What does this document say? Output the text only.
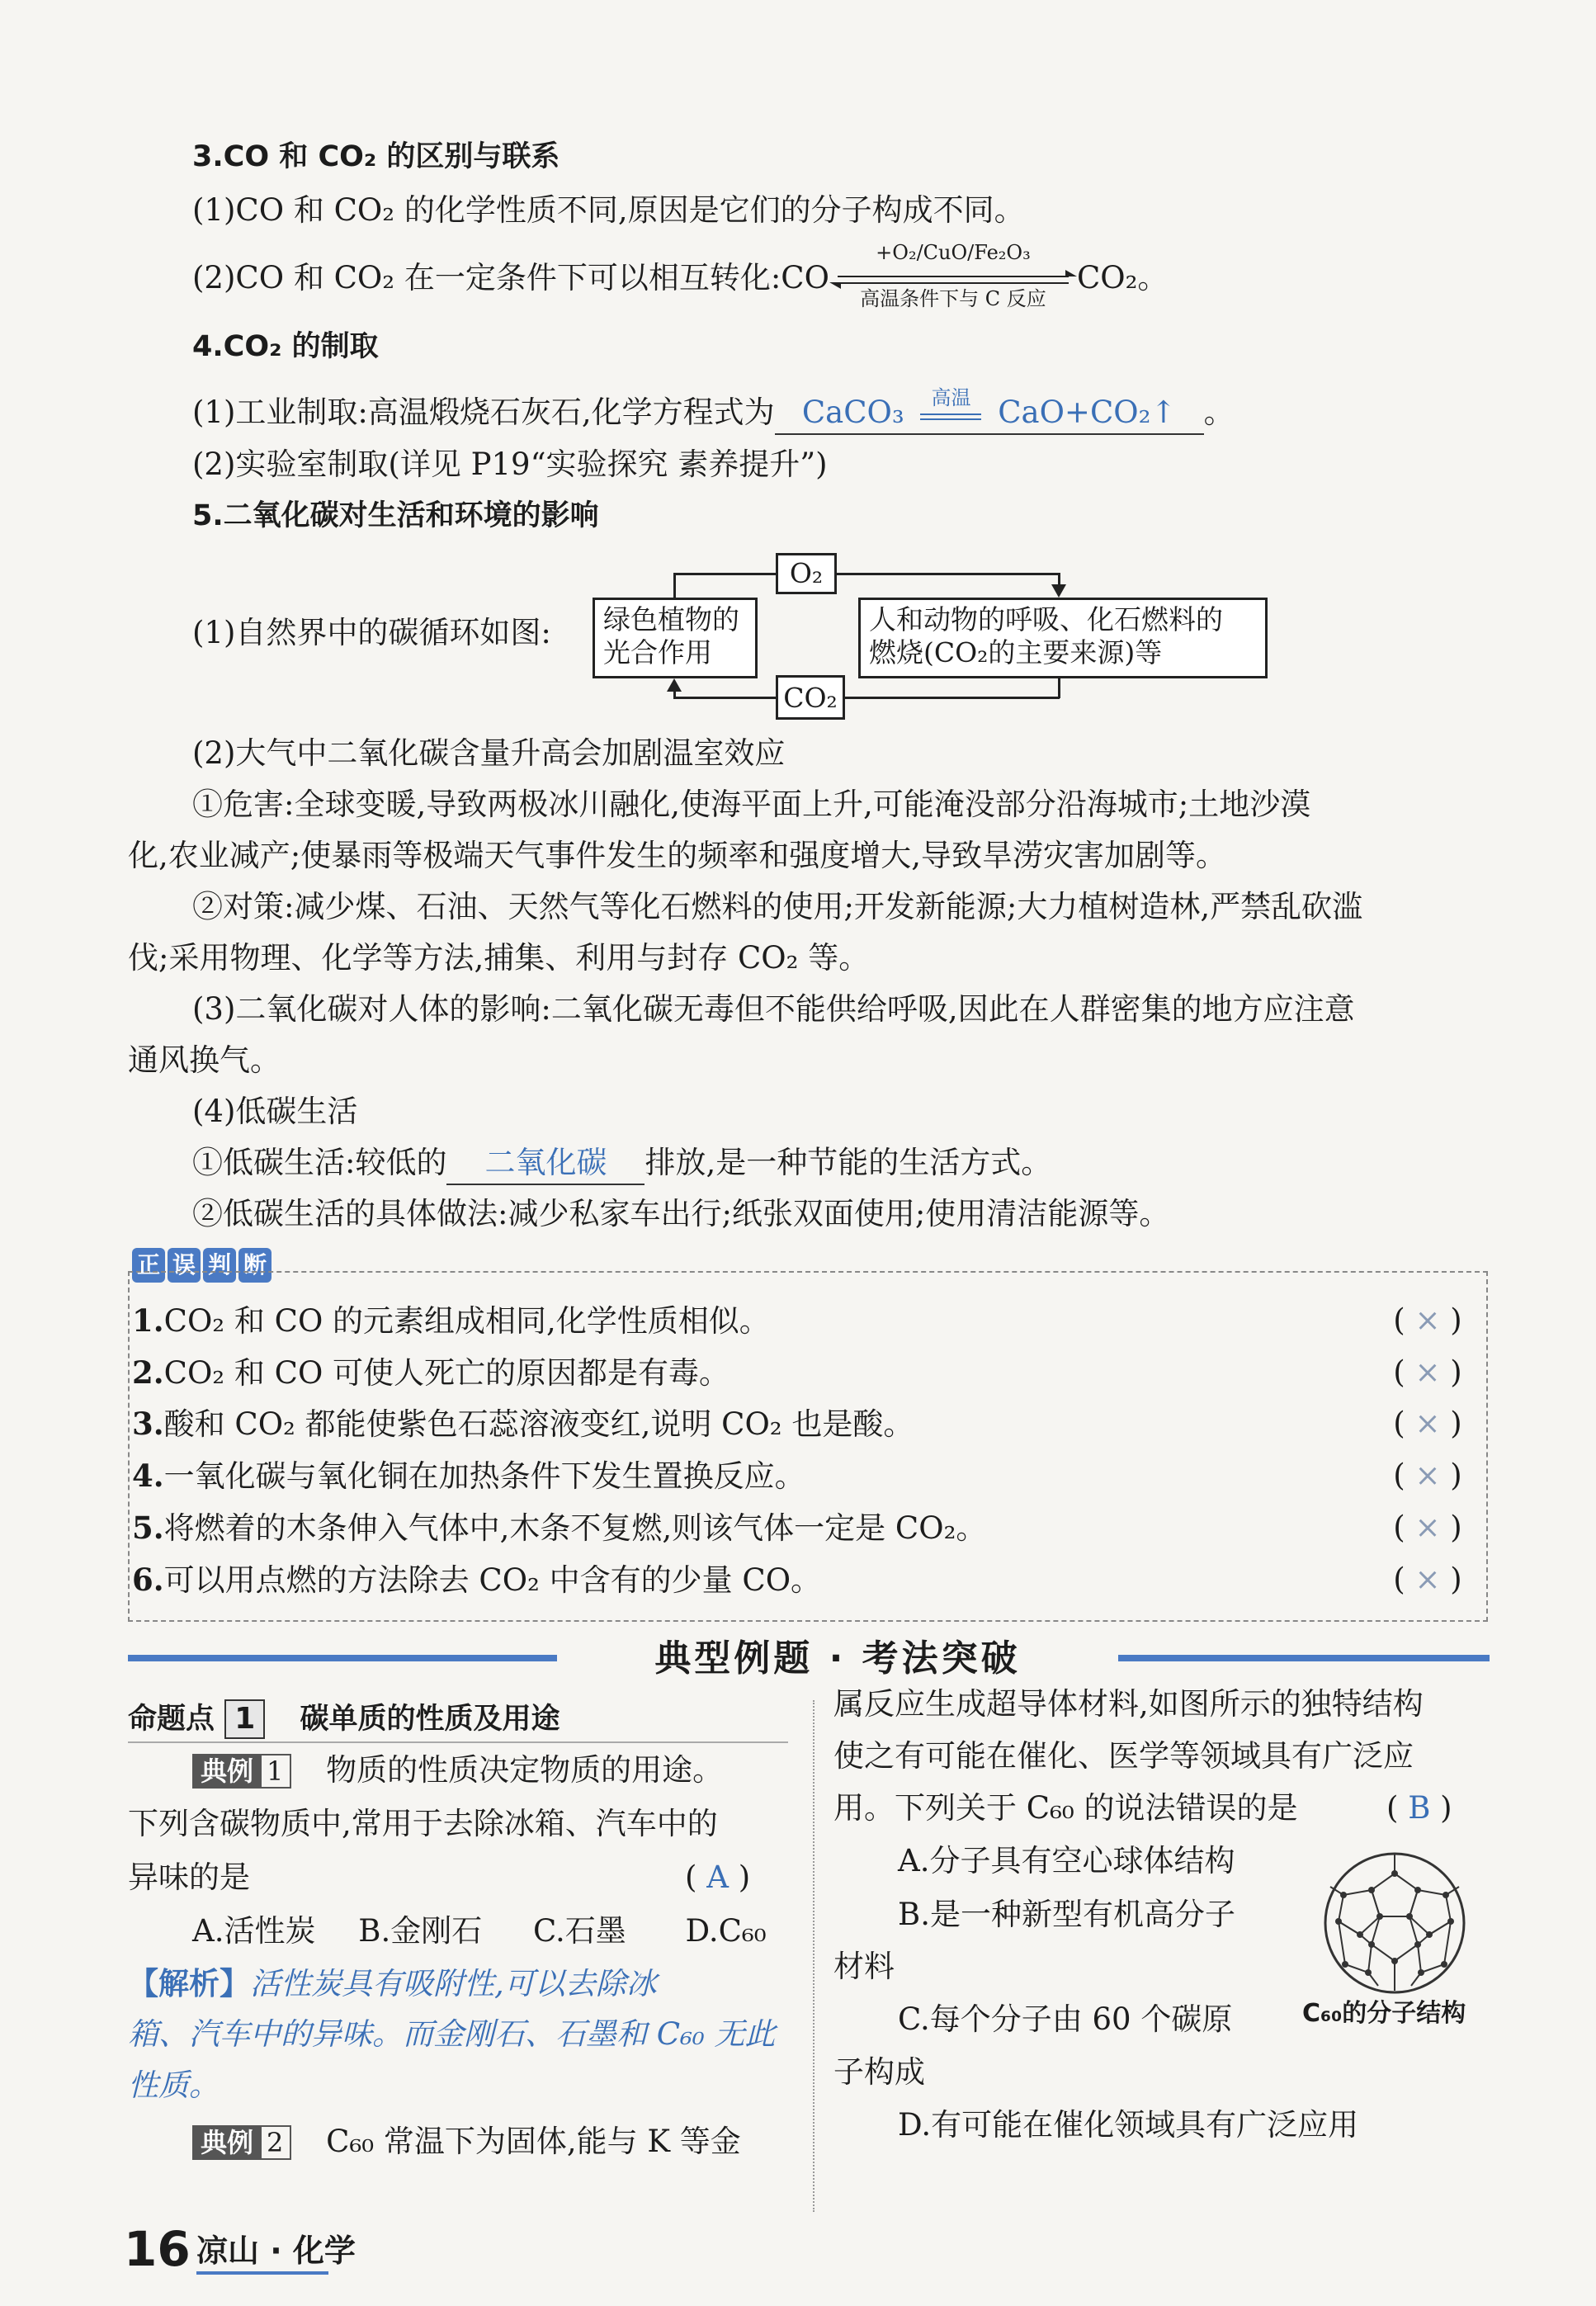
3.CO 和 CO₂ 的区别与联系
(1)CO 和 CO₂ 的化学性质不同,原因是它们的分子构成不同。
(2)CO 和 CO₂ 在一定条件下可以相互转化:CO
+O₂/CuO/Fe₂O₃
高温条件下与 C 反应
CO₂。
4.CO₂ 的制取
(1)工业制取:高温煅烧石灰石,化学方程式为 CaCO₃	高温 CaO+CO₂↑ 。
(2)实验室制取(详见 P19“实验探究 素养提升”)
5.二氧化碳对生活和环境的影响
(1)自然界中的碳循环如图: 绿色植物的
光合作用
人和动物的呼吸、化石燃料的
燃烧(CO₂的主要来源)等
O₂
CO₂
(2)大气中二氧化碳含量升高会加剧温室效应
①危害:全球变暖,导致两极冰川融化,使海平面上升,可能淹没部分沿海城市;土地沙漠
化,农业减产;使暴雨等极端天气事件发生的频率和强度增大,导致旱涝灾害加剧等。
②对策:减少煤、石油、天然气等化石燃料的使用;开发新能源;大力植树造林,严禁乱砍滥
伐;采用物理、化学等方法,捕集、利用与封存 CO₂ 等。
(3)二氧化碳对人体的影响:二氧化碳无毒但不能供给呼吸,因此在人群密集的地方应注意
通风换气。
(4)低碳生活
①低碳生活:较低的 二氧化碳 排放,是一种节能的生活方式。
②低碳生活的具体做法:减少私家车出行;纸张双面使用;使用清洁能源等。
正 误 判 断
1.CO₂ 和 CO 的元素组成相同,化学性质相似。	( × )
2.CO₂ 和 CO 可使人死亡的原因都是有毒。	( × )
3.酸和 CO₂ 都能使紫色石蕊溶液变红,说明 CO₂ 也是酸。	( × )
4.一氧化碳与氧化铜在加热条件下发生置换反应。	( × )
5.将燃着的木条伸入气体中,木条不复燃,则该气体一定是 CO₂。	( × )
6.可以用点燃的方法除去 CO₂ 中含有的少量 CO。	( × )
典型例题 · 考法突破
命题点 1 碳单质的性质及用途
典例 1 物质的性质决定物质的用途。
下列含碳物质中,常用于去除冰箱、汽车中的
异味的是	( A )
A.活性炭 B.金刚石 C.石墨 D.C₆₀
【解析】活性炭具有吸附性,可以去除冰
箱、汽车中的异味。而金刚石、石墨和 C₆₀ 无此
性质。
典例 2 C₆₀ 常温下为固体,能与 K 等金
属反应生成超导体材料,如图所示的独特结构
使之有可能在催化、医学等领域具有广泛应
用。下列关于 C₆₀ 的说法错误的是	( B )
A.分子具有空心球体结构
B.是一种新型有机高分子
材料
C.每个分子由 60 个碳原
子构成
D.有可能在催化领域具有广泛应用
C₆₀的分子结构
16 凉山 · 化学
